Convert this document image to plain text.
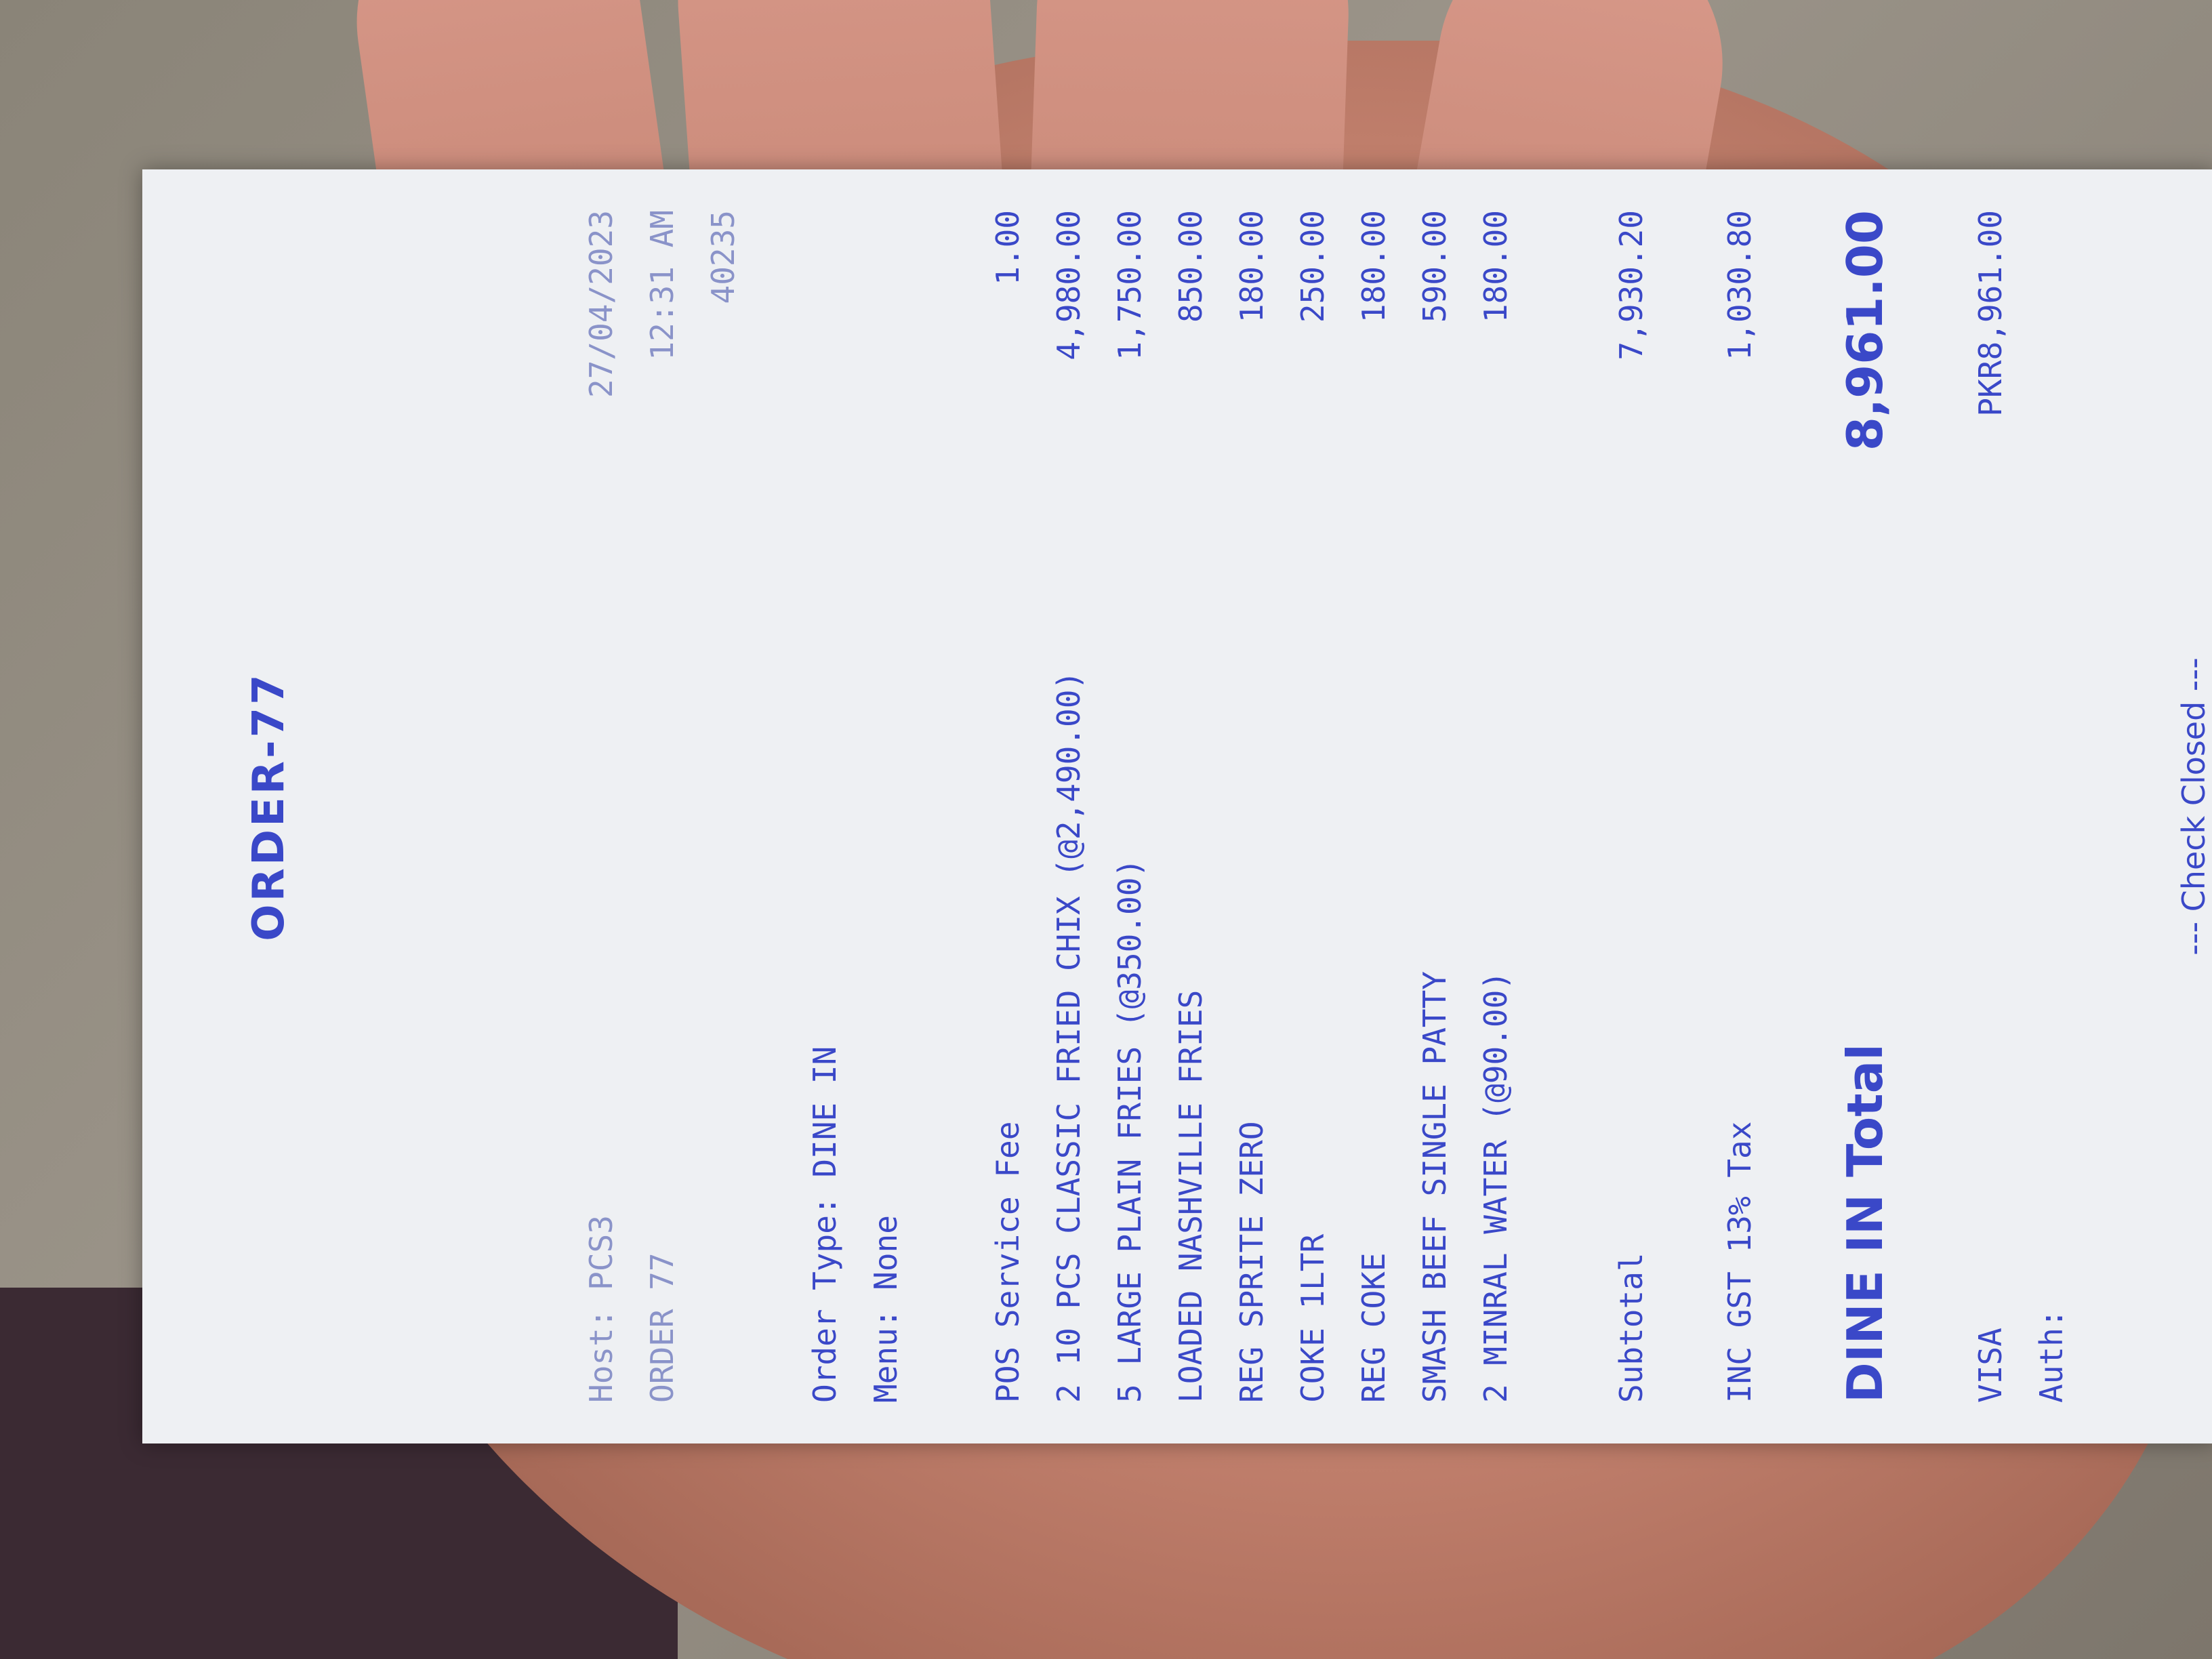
ORDER-77
Host: PCS3
27/04/2023
ORDER 77
12:31 AM 40235
Order Type: DINE IN Menu: None	POS Service Fee
1.00
2 10 PCS CLASSIC FRIED CHIX (@2,490.00)
4,980.00
5 LARGE PLAIN FRIES (@350.00)
1,750.00
LOADED NASHVILLE FRIES
850.00
REG SPRITE ZERO
180.00
COKE 1LTR
250.00
REG COKE
180.00
SMASH BEEF SINGLE PATTY
590.00
2 MINRAL WATER (@90.00)
180.00
Subtotal
7,930.20
INC GST 13% Tax
1,030.80
DINE IN Total
8,961.00
VISA
PKR8,961.00
Auth:
--- Check Closed ---
